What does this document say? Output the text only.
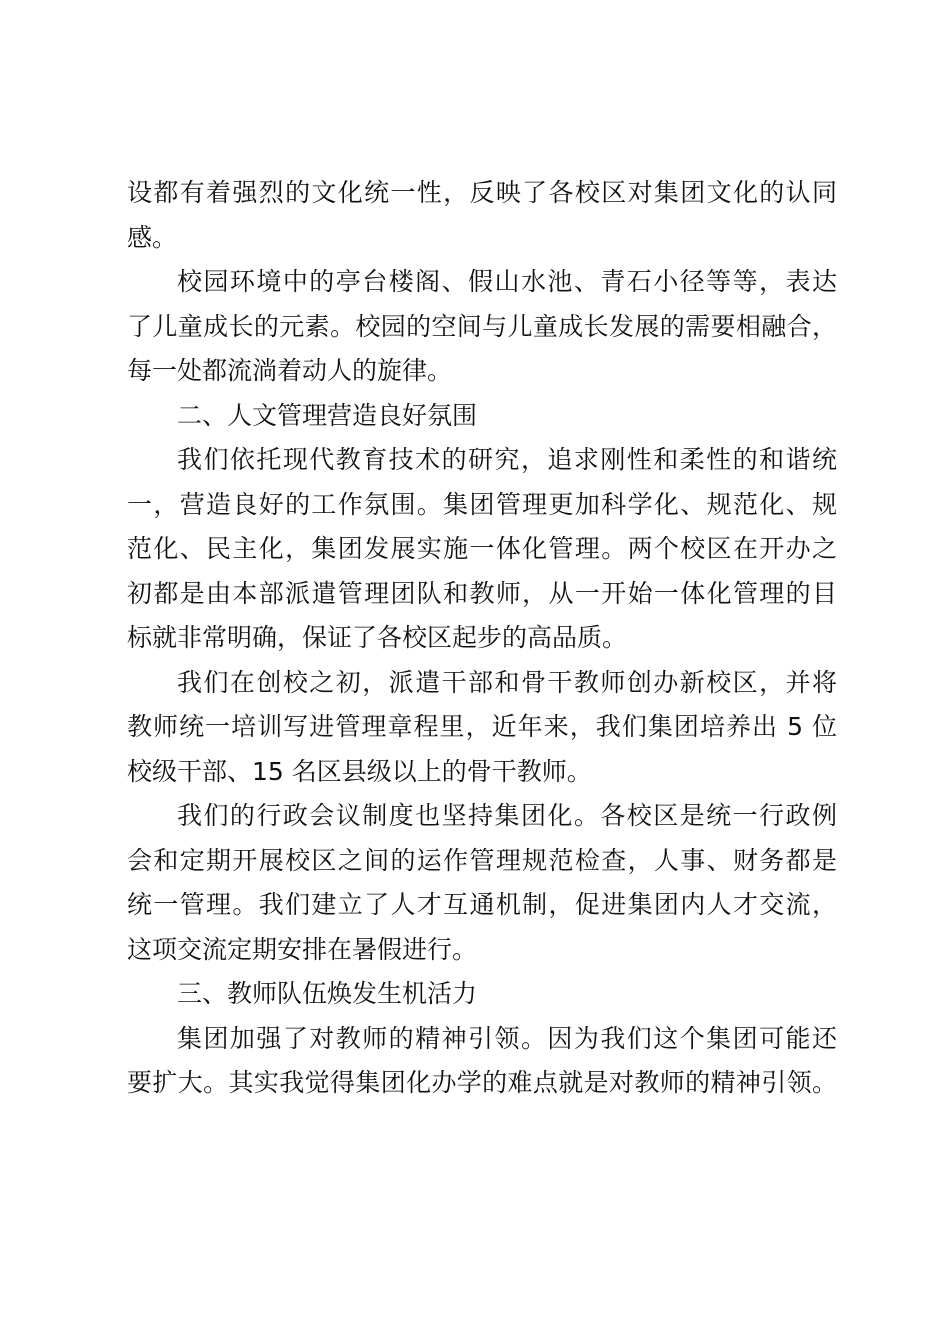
设都有着强烈的文化统一性，反映了各校区对集团文化的认同
感。

校园环境中的亭台楼阁、假山水池、青石小径等等，表达
了儿童成长的元素。校园的空间与儿童成长发展的需要相融合，
每一处都流淌着动人的旋律。

二、人文管理营造良好氛围

我们依托现代教育技术的研究，追求刚性和柔性的和谐统
一，营造良好的工作氛围。集团管理更加科学化、规范化、规
范化、民主化，集团发展实施一体化管理。两个校区在开办之
初都是由本部派遣管理团队和教师，从一开始一体化管理的目
标就非常明确，保证了各校区起步的高品质。

我们在创校之初，派遣干部和骨干教师创办新校区，并将
教师统一培训写进管理章程里，近年来，我们集团培养出 5 位
校级干部、15 名区县级以上的骨干教师。

我们的行政会议制度也坚持集团化。各校区是统一行政例
会和定期开展校区之间的运作管理规范检查，人事、财务都是
统一管理。我们建立了人才互通机制，促进集团内人才交流，
这项交流定期安排在暑假进行。

三、教师队伍焕发生机活力

集团加强了对教师的精神引领。因为我们这个集团可能还
要扩大。其实我觉得集团化办学的难点就是对教师的精神引领。
